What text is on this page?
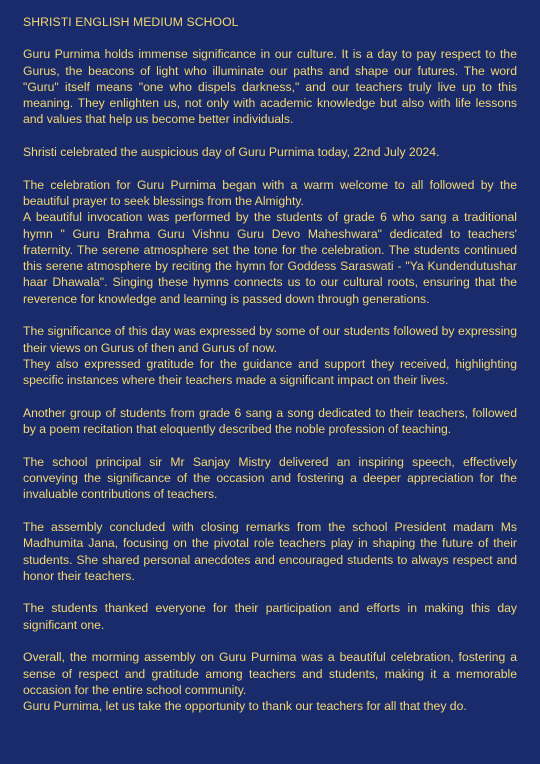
SHRISTI ENGLISH MEDIUM SCHOOL

Guru Purnima holds immense significance in our culture. It is a day to pay respect to the Gurus, the beacons of light who illuminate our paths and shape our futures. The word "Guru" itself means "one who dispels darkness," and our teachers truly live up to this meaning. They enlighten us, not only with academic knowledge but also with life lessons and values that help us become better individuals.

Shristi celebrated the auspicious day of Guru Purnima today, 22nd July 2024.

The celebration for Guru Purnima began with a warm welcome to all followed by the beautiful prayer to seek blessings from the Almighty.

A beautiful invocation was performed by the students of grade 6 who sang a traditional hymn " Guru Brahma Guru Vishnu Guru Devo Maheshwara" dedicated to teachers' fraternity. The serene atmosphere set the tone for the celebration. The students continued this serene atmosphere by reciting the hymn for Goddess Saraswati - "Ya Kundendutushar haar Dhawala". Singing these hymns connects us to our cultural roots, ensuring that the reverence for knowledge and learning is passed down through generations.

The significance of this day was expressed by some of our students followed by expressing their views on Gurus of then and Gurus of now.

They also expressed gratitude for the guidance and support they received, highlighting specific instances where their teachers made a significant impact on their lives.

Another group of students from grade 6 sang a song dedicated to their teachers, followed by a poem recitation that eloquently described the noble profession of teaching.

The school principal sir Mr Sanjay Mistry delivered an inspiring speech, effectively conveying the significance of the occasion and fostering a deeper appreciation for the invaluable contributions of teachers.

The assembly concluded with closing remarks from the school President madam Ms Madhumita Jana, focusing on the pivotal role teachers play in shaping the future of their students. She shared personal anecdotes and encouraged students to always respect and honor their teachers.

The students thanked everyone for their participation and efforts in making this day significant one.

Overall, the morming assembly on Guru Purnima was a beautiful celebration, fostering a sense of respect and gratitude among teachers and students, making it a memorable occasion for the entire school community.

Guru Purnima, let us take the opportunity to thank our teachers for all that they do.
